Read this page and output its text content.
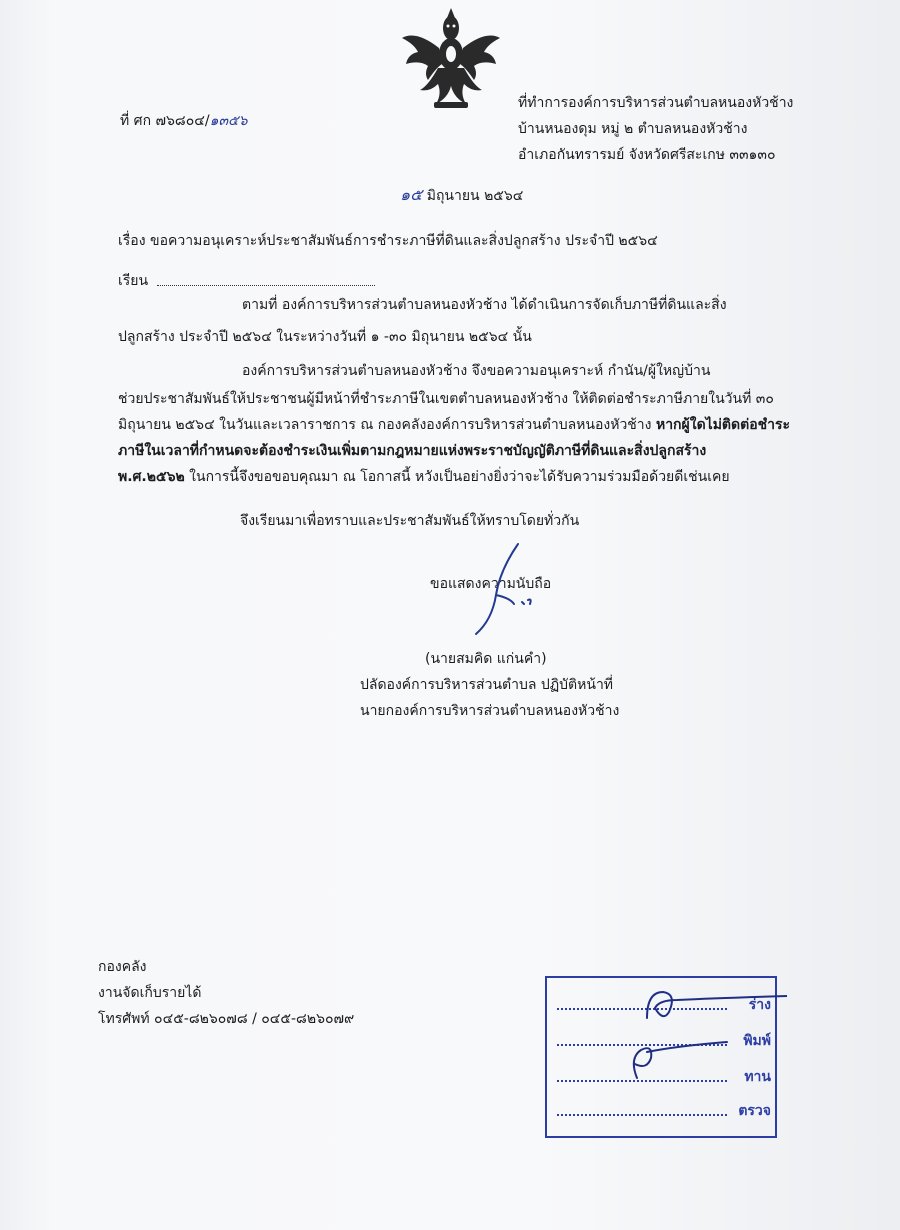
ที่ ศก ๗๖๘๐๔/๑๓๕๖
ที่ทำการองค์การบริหารส่วนตำบลหนองหัวช้าง
บ้านหนองดุม หมู่ ๒ ตำบลหนองหัวช้าง
อำเภอกันทรารมย์ จังหวัดศรีสะเกษ ๓๓๑๓๐
๑๕ มิถุนายน ๒๕๖๔
เรื่อง ขอความอนุเคราะห์ประชาสัมพันธ์การชำระภาษีที่ดินและสิ่งปลูกสร้าง ประจำปี ๒๕๖๔
เรียน
ตามที่ องค์การบริหารส่วนตำบลหนองหัวช้าง ได้ดำเนินการจัดเก็บภาษีที่ดินและสิ่ง
ปลูกสร้าง ประจำปี ๒๕๖๔ ในระหว่างวันที่ ๑ -๓๐ มิถุนายน ๒๕๖๔ นั้น
องค์การบริหารส่วนตำบลหนองหัวช้าง จึงขอความอนุเคราะห์ กำนัน/ผู้ใหญ่บ้าน
ช่วยประชาสัมพันธ์ให้ประชาชนผู้มีหน้าที่ชำระภาษีในเขตตำบลหนองหัวช้าง ให้ติดต่อชำระภาษีภายในวันที่ ๓๐
มิถุนายน ๒๕๖๔ ในวันและเวลาราชการ ณ กองคลังองค์การบริหารส่วนตำบลหนองหัวช้าง หากผู้ใดไม่ติดต่อชำระ
ภาษีในเวลาที่กำหนดจะต้องชำระเงินเพิ่มตามกฎหมายแห่งพระราชบัญญัติภาษีที่ดินและสิ่งปลูกสร้าง
พ.ศ.๒๕๖๒ ในการนี้จึงขอขอบคุณมา ณ โอกาสนี้ หวังเป็นอย่างยิ่งว่าจะได้รับความร่วมมือด้วยดีเช่นเคย
จึงเรียนมาเพื่อทราบและประชาสัมพันธ์ให้ทราบโดยทั่วกัน
ขอแสดงความนับถือ
(นายสมคิด แก่นคำ)
ปลัดองค์การบริหารส่วนตำบล ปฏิบัติหน้าที่
นายกองค์การบริหารส่วนตำบลหนองหัวช้าง
กองคลัง
งานจัดเก็บรายได้
โทรศัพท์ ๐๔๕-๘๒๖๐๗๘ / ๐๔๕-๘๒๖๐๗๙
ร่าง
พิมพ์
ทาน
ตรวจ
